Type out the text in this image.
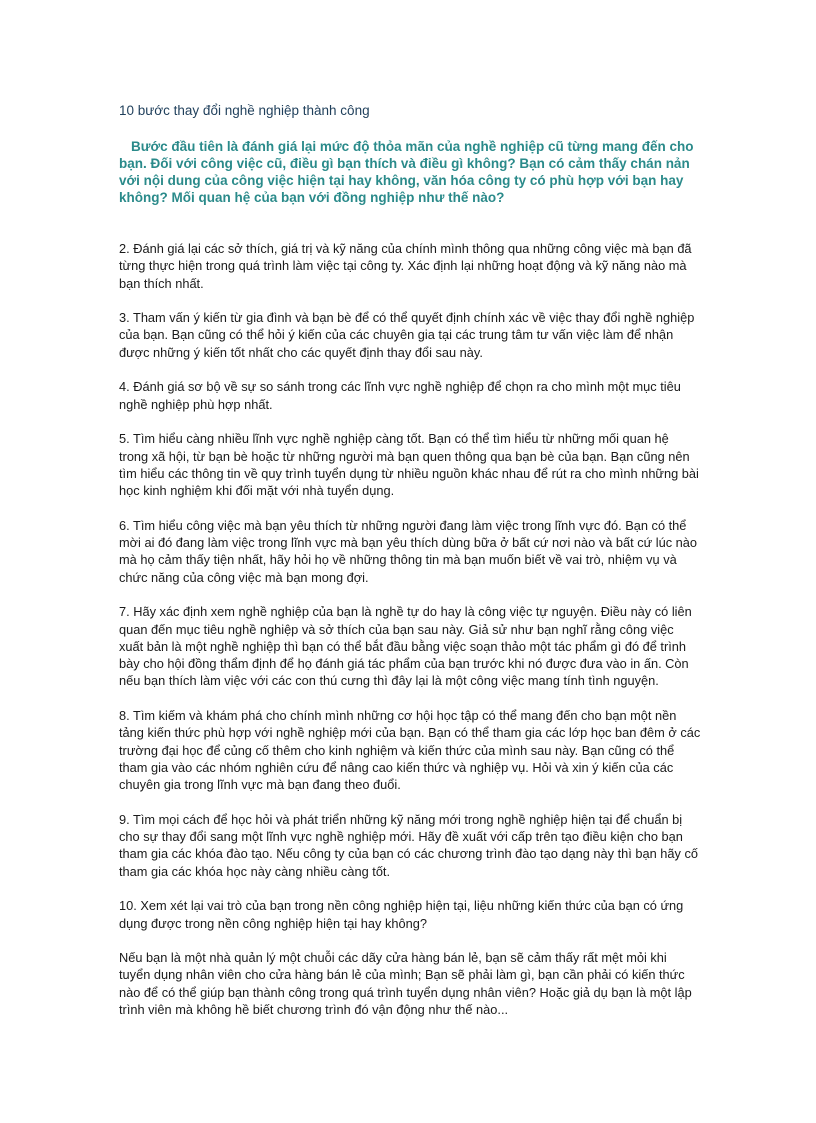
10 bước thay đổi nghề nghiệp thành công

Bước đầu tiên là đánh giá lại mức độ thỏa mãn của nghề nghiệp cũ từng mang đến cho bạn. Đối với công việc cũ, điều gì bạn thích và điều gì không? Bạn có cảm thấy chán nản với nội dung của công việc hiện tại hay không, văn hóa công ty có phù hợp với bạn hay không? Mối quan hệ của bạn với đồng nghiệp như thế nào?

2. Đánh giá lại các sở thích, giá trị và kỹ năng của chính mình thông qua những công việc mà bạn đã từng thực hiện trong quá trình làm việc tại công ty. Xác định lại những hoạt động và kỹ năng nào mà bạn thích nhất.

3. Tham vấn ý kiến từ gia đình và bạn bè để có thể quyết định chính xác về việc thay đổi nghề nghiệp của bạn. Bạn cũng có thể hỏi ý kiến của các chuyên gia tại các trung tâm tư vấn việc làm để nhận được những ý kiến tốt nhất cho các quyết định thay đổi sau này.

4. Đánh giá sơ bộ về sự so sánh trong các lĩnh vực nghề nghiệp để chọn ra cho mình một mục tiêu nghề nghiệp phù hợp nhất.

5. Tìm hiểu càng nhiều lĩnh vực nghề nghiệp càng tốt. Bạn có thể tìm hiểu từ những mối quan hệ trong xã hội, từ bạn bè hoặc từ những người mà bạn quen thông qua bạn bè của bạn. Bạn cũng nên tìm hiểu các thông tin về quy trình tuyển dụng từ nhiều nguồn khác nhau để rút ra cho mình những bài học kinh nghiệm khi đối mặt với nhà tuyển dụng.

6. Tìm hiểu công việc mà bạn yêu thích từ những người đang làm việc trong lĩnh vực đó. Bạn có thể mời ai đó đang làm việc trong lĩnh vực mà bạn yêu thích dùng bữa ở bất cứ nơi nào và bất cứ lúc nào mà họ cảm thấy tiện nhất, hãy hỏi họ về những thông tin mà bạn muốn biết về vai trò, nhiệm vụ và chức năng của công việc mà bạn mong đợi.

7. Hãy xác định xem nghề nghiệp của bạn là nghề tự do hay là công việc tự nguyện. Điều này có liên quan đến mục tiêu nghề nghiệp và sở thích của bạn sau này. Giả sử như bạn nghĩ rằng công việc xuất bản là một nghề nghiệp thì bạn có thể bắt đầu bằng việc soạn thảo một tác phẩm gì đó để trình bày cho hội đồng thẩm định để họ đánh giá tác phẩm của bạn trước khi nó được đưa vào in ấn. Còn nếu bạn thích làm việc với các con thú cưng thì đây lại là một công việc mang tính tình nguyện.

8. Tìm kiếm và khám phá cho chính mình những cơ hội học tập có thể mang đến cho bạn một nền tảng kiến thức phù hợp với nghề nghiệp mới của bạn. Bạn có thể tham gia các lớp học ban đêm ở các trường đại học để củng cố thêm cho kinh nghiệm và kiến thức của mình sau này. Bạn cũng có thể tham gia vào các nhóm nghiên cứu để nâng cao kiến thức và nghiệp vụ. Hỏi và xin ý kiến của các chuyên gia trong lĩnh vực mà bạn đang theo đuổi.

9. Tìm mọi cách để học hỏi và phát triển những kỹ năng mới trong nghề nghiệp hiện tại để chuẩn bị cho sự thay đổi sang một lĩnh vực nghề nghiệp mới. Hãy đề xuất với cấp trên tạo điều kiện cho bạn tham gia các khóa đào tạo. Nếu công ty của bạn có các chương trình đào tạo dạng này thì bạn hãy cố tham gia các khóa học này càng nhiều càng tốt.

10. Xem xét lại vai trò của bạn trong nền công nghiệp hiện tại, liệu những kiến thức của bạn có ứng dụng được trong nền công nghiệp hiện tại hay không?

Nếu bạn là một nhà quản lý một chuỗi các dãy cửa hàng bán lẻ, bạn sẽ cảm thấy rất mệt mỏi khi tuyển dụng nhân viên cho cửa hàng bán lẻ của mình; Bạn sẽ phải làm gì, bạn cần phải có kiến thức nào để có thể giúp bạn thành công trong quá trình tuyển dụng nhân viên? Hoặc giả dụ bạn là một lập trình viên mà không hề biết chương trình đó vận động như thế nào...
